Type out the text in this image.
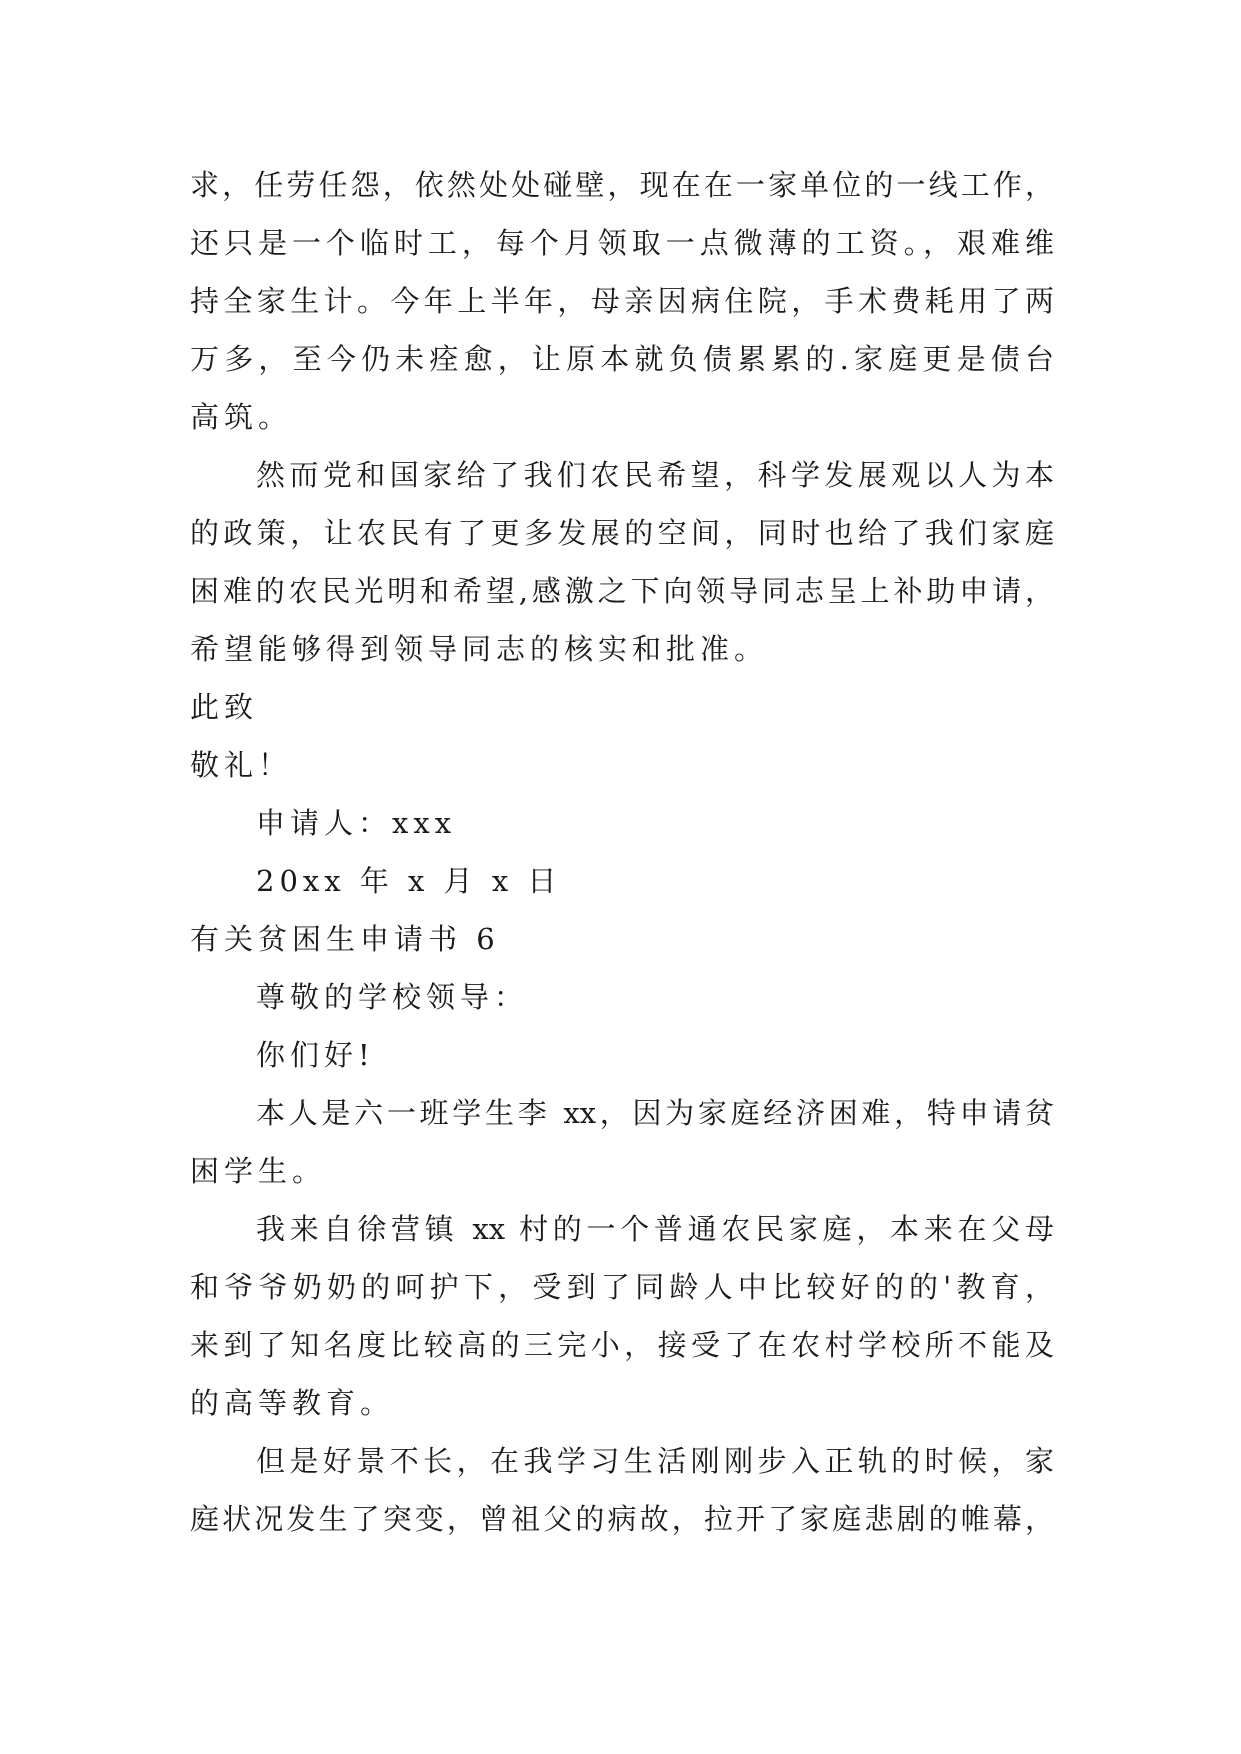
求，任劳任怨，依然处处碰壁，现在在一家单位的一线工作，
还只是一个临时工，每个月领取一点微薄的工资。，艰难维
持全家生计。今年上半年，母亲因病住院，手术费耗用了两
万多，至今仍未痊愈，让原本就负债累累的.家庭更是债台
高筑。
然而党和国家给了我们农民希望，科学发展观以人为本
的政策，让农民有了更多发展的空间，同时也给了我们家庭
困难的农民光明和希望,感激之下向领导同志呈上补助申请，
希望能够得到领导同志的核实和批准。
此致
敬礼！
申请人：xxx
20xx 年 x 月 x 日
有关贫困生申请书 6
尊敬的学校领导：
你们好!
本人是六一班学生李 xx，因为家庭经济困难，特申请贫
困学生。
我来自徐营镇 xx 村的一个普通农民家庭，本来在父母
和爷爷奶奶的呵护下，受到了同龄人中比较好的的'教育，
来到了知名度比较高的三完小，接受了在农村学校所不能及
的高等教育。
但是好景不长，在我学习生活刚刚步入正轨的时候，家
庭状况发生了突变，曾祖父的病故，拉开了家庭悲剧的帷幕，
